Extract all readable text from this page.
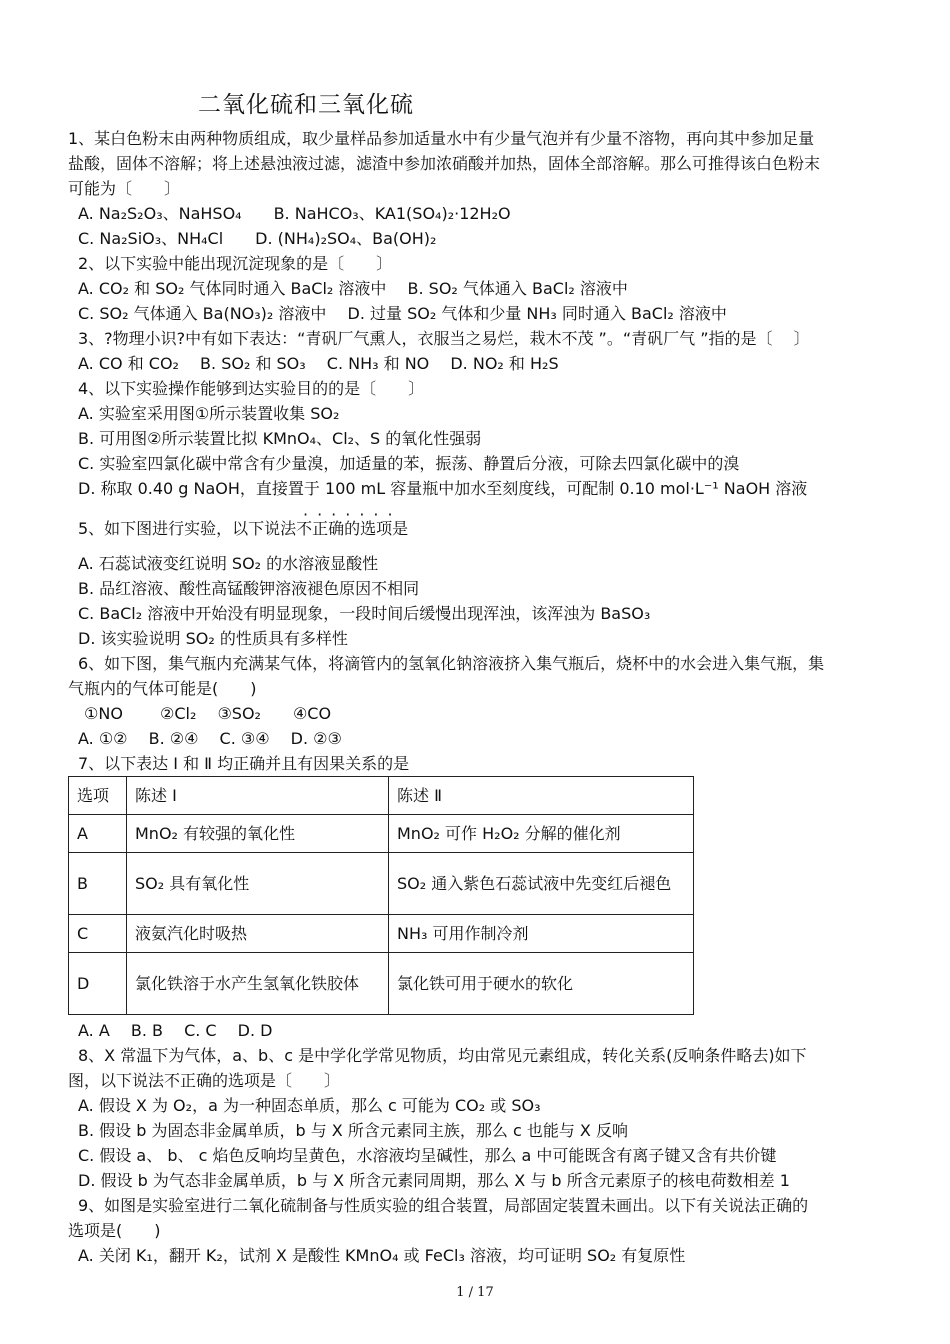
二氧化硫和三氧化硫
1、某白色粉末由两种物质组成，取少量样品参加适量水中有少量气泡并有少量不溶物，再向其中参加足量
盐酸，固体不溶解；将上述悬浊液过滤，滤渣中参加浓硝酸并加热，固体全部溶解。那么可推得该白色粉末
可能为〔　　〕
A. Na₂S₂O₃、NaHSO₄　　B. NaHCO₃、KA1(SO₄)₂·12H₂O
C. Na₂SiO₃、NH₄Cl　　D. (NH₄)₂SO₄、Ba(OH)₂
2、以下实验中能出现沉淀现象的是〔　　〕
A. CO₂ 和 SO₂ 气体同时通入 BaCl₂ 溶液中　 B. SO₂ 气体通入 BaCl₂ 溶液中
C. SO₂ 气体通入 Ba(NO₃)₂ 溶液中　 D. 过量 SO₂ 气体和少量 NH₃ 同时通入 BaCl₂ 溶液中
3、?物理小识?中有如下表达：“青矾厂气熏人，衣服当之易烂，栽木不茂 ”。“青矾厂气 ”指的是〔　 〕
A. CO 和 CO₂　 B. SO₂ 和 SO₃　 C. NH₃ 和 NO　 D. NO₂ 和 H₂S
4、以下实验操作能够到达实验目的的是〔　　〕
A. 实验室采用图①所示装置收集 SO₂
B. 可用图②所示装置比拟 KMnO₄、Cl₂、S 的氧化性强弱
C. 实验室四氯化碳中常含有少量溴，加适量的苯，振荡、静置后分液，可除去四氯化碳中的溴
D. 称取 0.40 g NaOH，直接置于 100 mL 容量瓶中加水至刻度线，可配制 0.10 mol·L⁻¹ NaOH 溶液
·······
5、如下图进行实验，以下说法不正确的选项是
A. 石蕊试液变红说明 SO₂ 的水溶液显酸性
B. 品红溶液、酸性高锰酸钾溶液褪色原因不相同
C. BaCl₂ 溶液中开始没有明显现象，一段时间后缓慢出现浑浊，该浑浊为 BaSO₃
D. 该实验说明 SO₂ 的性质具有多样性
6、如下图，集气瓶内充满某气体，将滴管内的氢氧化钠溶液挤入集气瓶后，烧杯中的水会进入集气瓶，集
气瓶内的气体可能是(　　)
①NO　　 ②Cl₂　 ③SO₂　　④CO
A. ①②　 B. ②④　 C. ③④　 D. ②③
7、以下表达 Ⅰ 和 Ⅱ 均正确并且有因果关系的是
选项	陈述 Ⅰ	陈述 Ⅱ
A	MnO₂ 有较强的氧化性	MnO₂ 可作 H₂O₂ 分解的催化剂
B	SO₂ 具有氧化性	SO₂ 通入紫色石蕊试液中先变红后褪色
C	液氨汽化时吸热	NH₃ 可用作制冷剂
D	氯化铁溶于水产生氢氧化铁胶体	氯化铁可用于硬水的软化
A. A　 B. B　 C. C　 D. D
8、X 常温下为气体，a、b、c 是中学化学常见物质，均由常见元素组成，转化关系(反响条件略去)如下
图，以下说法不正确的选项是〔　　〕
A. 假设 X 为 O₂，a 为一种固态单质，那么 c 可能为 CO₂ 或 SO₃
B. 假设 b 为固态非金属单质，b 与 X 所含元素同主族，那么 c 也能与 X 反响
C. 假设 a、 b、 c 焰色反响均呈黄色，水溶液均呈碱性，那么 a 中可能既含有离子键又含有共价键
D. 假设 b 为气态非金属单质，b 与 X 所含元素同周期，那么 X 与 b 所含元素原子的核电荷数相差 1
9、如图是实验室进行二氧化硫制备与性质实验的组合装置，局部固定装置未画出。以下有关说法正确的
选项是(　　)
A. 关闭 K₁，翻开 K₂，试剂 X 是酸性 KMnO₄ 或 FeCl₃ 溶液，均可证明 SO₂ 有复原性
1 / 17
